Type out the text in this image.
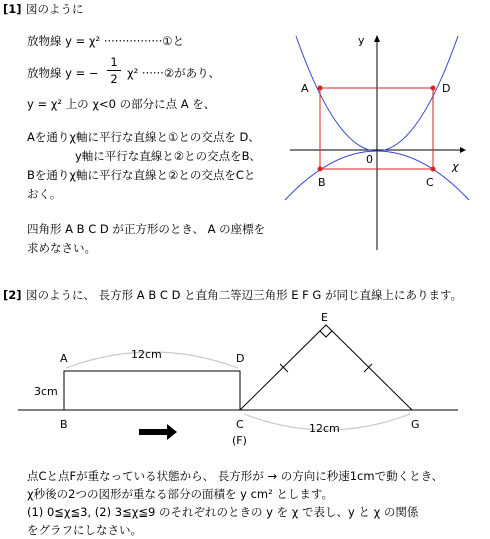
[1] 図のように
放物線 y = χ² ················①と
放物線 y = −
1
2 χ² ······②があり、
y = χ² 上の χ<0 の部分に点 A を、
Aを通りχ軸に平行な直線と①との交点を D、
y軸に平行な直線と②との交点をB、
Bを通りχ軸に平行な直線と②との交点をCと
おく。
四角形 A B C D が正方形のとき、 A の座標を
求めなさい。
y
χ
0
A	D
B	C
[2] 図のように、 長方形 A B C D と直角二等辺三角形 E F G が同じ直線上にあります。
A	D
B	C
(F)
E
G
12cm
3cm
12cm
点Cと点Fが重なっている状態から、 長方形が → の方向に秒速1cmで動くとき、
χ秒後の2つの図形が重なる部分の面積を y cm² とします。
(1) 0≦χ≦3, (2) 3≦χ≦9 のそれぞれのときの y を χ で表し、y と χ の関係
をグラフにしなさい。
